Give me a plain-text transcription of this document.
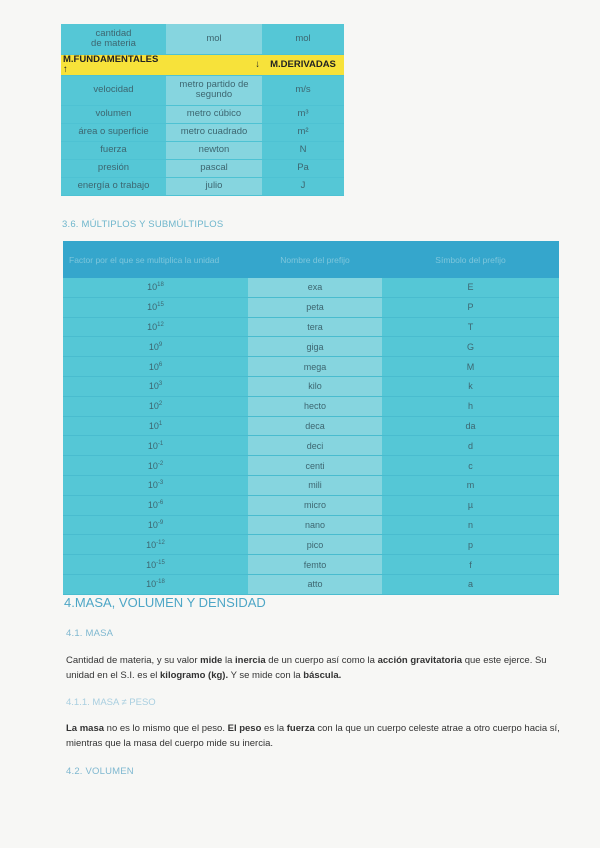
cantidad
de materia	mol	mol
M.FUNDAMENTALES ↑	↓	M.DERIVADAS
velocidad	metro partido de segundo	m/s
volumen	metro cúbico	m³
área o superficie	metro cuadrado	m²
fuerza	newton	N
presión	pascal	Pa
energía o trabajo	julio	J
3.6. MÚLTIPLOS Y SUBMÚLTIPLOS
Factor por el que se multiplica la unidad	Nombre del prefijo	Símbolo del prefijo
$10^{18}$	exa	E
$10^{15}$	peta	P
$10^{12}$	tera	T
$10^9$	giga	G
$10^6$	mega	M
$10^3$	kilo	k
$10^2$	hecto	h
$10^1$	deca	da
$10^{-1}$	deci	d
$10^{-2}$	centi	c
$10^{-3}$	mili	m
$10^{-6}$	micro	µ
$10^{-9}$	nano	n
$10^{-12}$	pico	p
$10^{-15}$	femto	f
$10^{-18}$	atto	a
4.MASA, VOLUMEN Y DENSIDAD
4.1. MASA
Cantidad de materia, y su valor mide la inercia de un cuerpo así como la acción gravitatoria que este ejerce. Su unidad en el S.I. es el kilogramo (kg). Y se mide con la báscula.
4.1.1. MASA ≠ PESO
La masa no es lo mismo que el peso. El peso es la fuerza con la que un cuerpo celeste atrae a otro cuerpo hacia sí, mientras que la masa del cuerpo mide su inercia.
4.2. VOLUMEN
